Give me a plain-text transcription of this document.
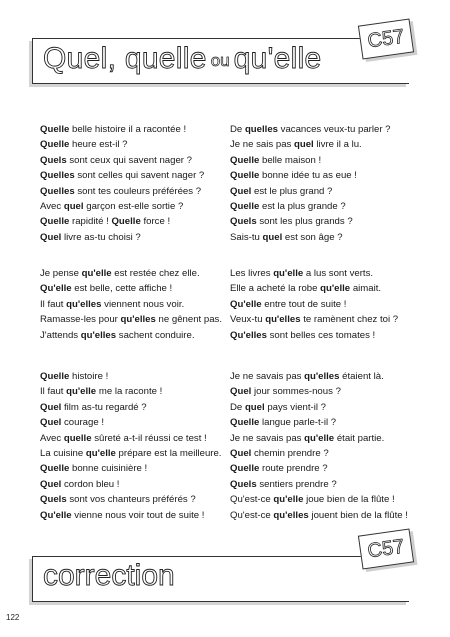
Quel, quelle ou qu'elle
C57
Quelle belle histoire il a racontée !
Quelle heure est-il ?
Quels sont ceux qui savent nager ?
Quelles sont celles qui savent nager ?
Quelles sont tes couleurs préférées ?
Avec quel garçon est-elle sortie ?
Quelle rapidité ! Quelle force !
Quel livre as-tu choisi ?
De quelles vacances veux-tu parler ?
Je ne sais pas quel livre il a lu.
Quelle belle maison !
Quelle bonne idée tu as eue !
Quel est le plus grand ?
Quelle est la plus grande ?
Quels sont les plus grands ?
Sais-tu quel est son âge ?
Je pense qu'elle est restée chez elle.
Qu'elle est belle, cette affiche !
Il faut qu'elles viennent nous voir.
Ramasse-les pour qu'elles ne gênent pas.
J'attends qu'elles sachent conduire.
Les livres qu'elle a lus sont verts.
Elle a acheté la robe qu'elle aimait.
Qu'elle entre tout de suite !
Veux-tu qu'elles te ramènent chez toi ?
Qu'elles sont belles ces tomates !
Quelle histoire !
Il faut qu'elle me la raconte !
Quel film as-tu regardé ?
Quel courage !
Avec quelle sûreté a-t-il réussi ce test !
La cuisine qu'elle prépare est la meilleure.
Quelle bonne cuisinière !
Quel cordon bleu !
Quels sont vos chanteurs préférés ?
Qu'elle vienne nous voir tout de suite !
Je ne savais pas qu'elles étaient là.
Quel jour sommes-nous ?
De quel pays vient-il ?
Quelle langue parle-t-il ?
Je ne savais pas qu'elle était partie.
Quel chemin prendre ?
Quelle route prendre ?
Quels sentiers prendre ?
Qu'est-ce qu'elle joue bien de la flûte !
Qu'est-ce qu'elles jouent bien de la flûte !
correction
C57
122
